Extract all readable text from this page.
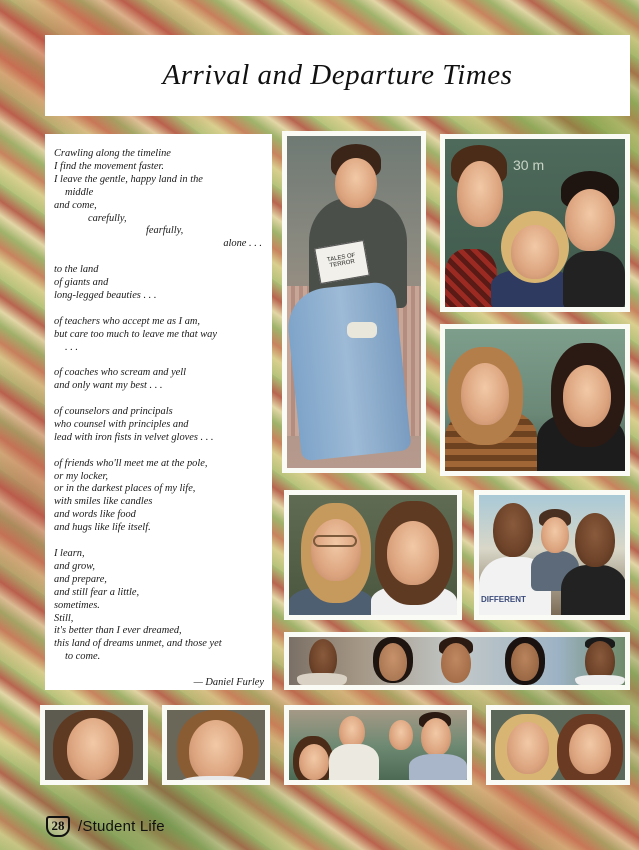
Arrival and Departure Times
Crawling along the timeline
I find the movement faster.
I leave the gentle, happy land in the
middle
and come,
carefully,
fearfully,
alone . . .
to the land
of giants and
long-legged beauties . . .
of teachers who accept me as I am,
but care too much to leave me that way
. . .
of coaches who scream and yell
and only want my best . . .
of counselors and principals
who counsel with principles and
lead with iron fists in velvet gloves . . .
of friends who'll meet me at the pole,
or my locker,
or in the darkest places of my life,
with smiles like candles
and words like food
and hugs like life itself.
I learn,
and grow,
and prepare,
and still fear a little,
sometimes.
Still,
it's better than I ever dreamed,
this land of dreams unmet, and those yet
to come.
— Daniel Furley
TALES OF TERROR
30 m
DIFFERENT
28 /Student Life
